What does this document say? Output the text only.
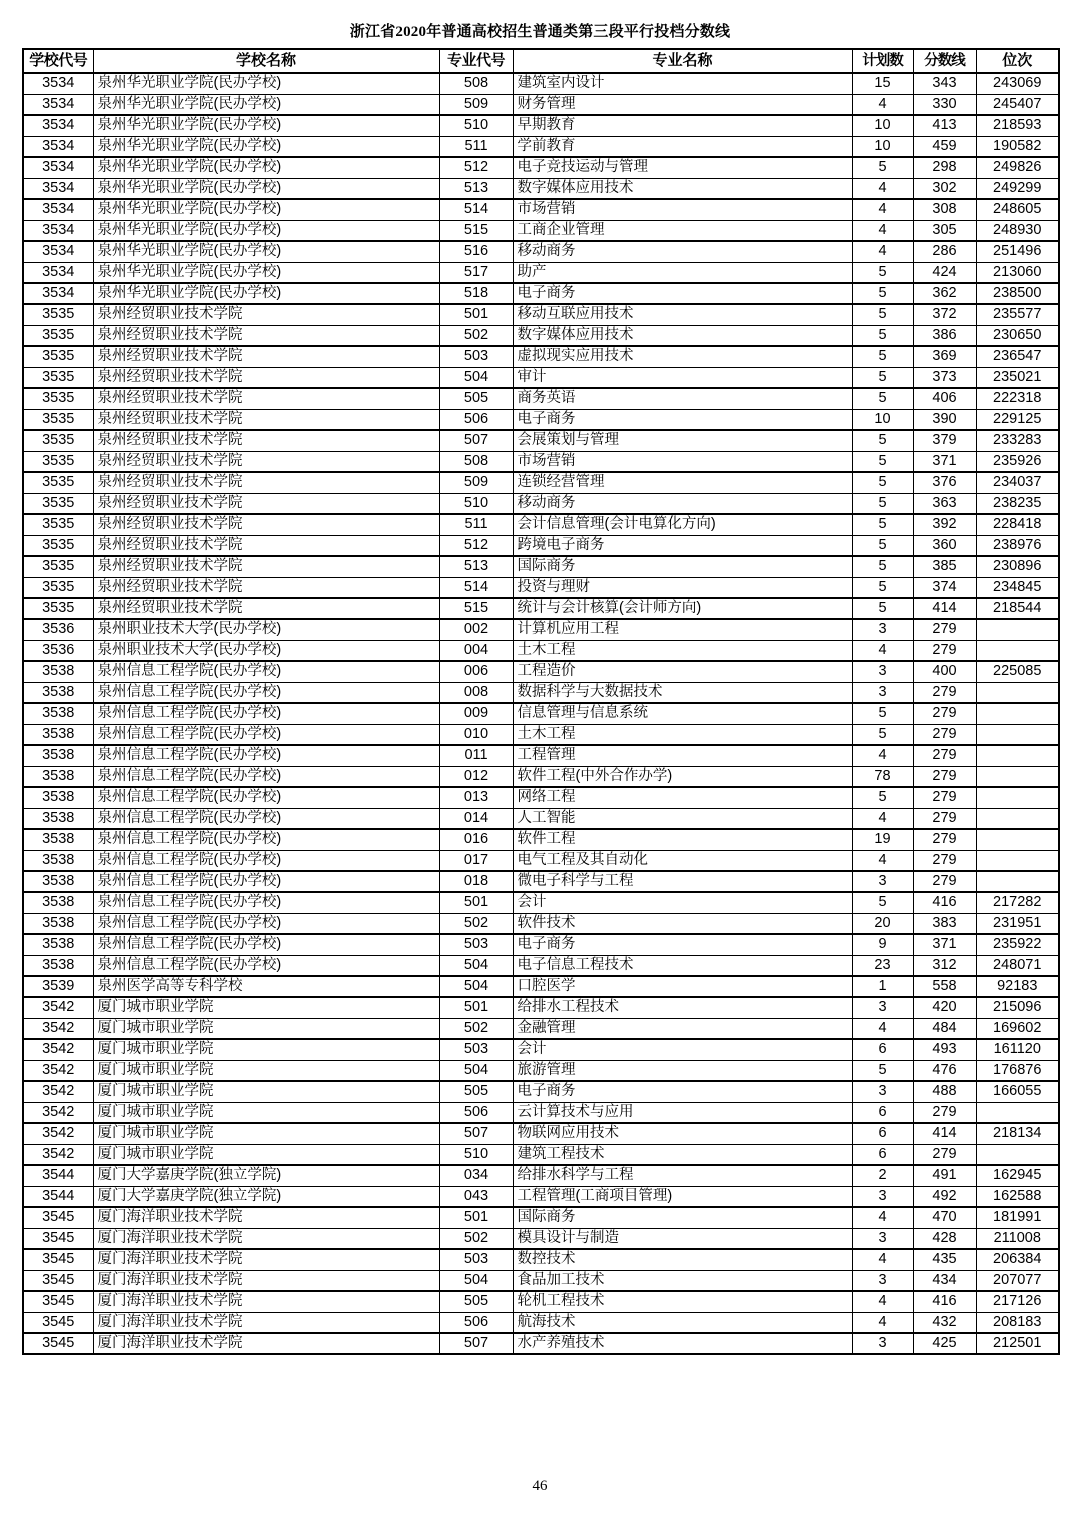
浙江省2020年普通高校招生普通类第三段平行投档分数线
学校代号	学校名称	专业代号	专业名称	计划数	分数线	位次
3534	泉州华光职业学院(民办学校)	508	建筑室内设计	15	343	243069
3534	泉州华光职业学院(民办学校)	509	财务管理	4	330	245407
3534	泉州华光职业学院(民办学校)	510	早期教育	10	413	218593
3534	泉州华光职业学院(民办学校)	511	学前教育	10	459	190582
3534	泉州华光职业学院(民办学校)	512	电子竞技运动与管理	5	298	249826
3534	泉州华光职业学院(民办学校)	513	数字媒体应用技术	4	302	249299
3534	泉州华光职业学院(民办学校)	514	市场营销	4	308	248605
3534	泉州华光职业学院(民办学校)	515	工商企业管理	4	305	248930
3534	泉州华光职业学院(民办学校)	516	移动商务	4	286	251496
3534	泉州华光职业学院(民办学校)	517	助产	5	424	213060
3534	泉州华光职业学院(民办学校)	518	电子商务	5	362	238500
3535	泉州经贸职业技术学院	501	移动互联应用技术	5	372	235577
3535	泉州经贸职业技术学院	502	数字媒体应用技术	5	386	230650
3535	泉州经贸职业技术学院	503	虚拟现实应用技术	5	369	236547
3535	泉州经贸职业技术学院	504	审计	5	373	235021
3535	泉州经贸职业技术学院	505	商务英语	5	406	222318
3535	泉州经贸职业技术学院	506	电子商务	10	390	229125
3535	泉州经贸职业技术学院	507	会展策划与管理	5	379	233283
3535	泉州经贸职业技术学院	508	市场营销	5	371	235926
3535	泉州经贸职业技术学院	509	连锁经营管理	5	376	234037
3535	泉州经贸职业技术学院	510	移动商务	5	363	238235
3535	泉州经贸职业技术学院	511	会计信息管理(会计电算化方向)	5	392	228418
3535	泉州经贸职业技术学院	512	跨境电子商务	5	360	238976
3535	泉州经贸职业技术学院	513	国际商务	5	385	230896
3535	泉州经贸职业技术学院	514	投资与理财	5	374	234845
3535	泉州经贸职业技术学院	515	统计与会计核算(会计师方向)	5	414	218544
3536	泉州职业技术大学(民办学校)	002	计算机应用工程	3	279	
3536	泉州职业技术大学(民办学校)	004	土木工程	4	279	
3538	泉州信息工程学院(民办学校)	006	工程造价	3	400	225085
3538	泉州信息工程学院(民办学校)	008	数据科学与大数据技术	3	279	
3538	泉州信息工程学院(民办学校)	009	信息管理与信息系统	5	279	
3538	泉州信息工程学院(民办学校)	010	土木工程	5	279	
3538	泉州信息工程学院(民办学校)	011	工程管理	4	279	
3538	泉州信息工程学院(民办学校)	012	软件工程(中外合作办学)	78	279	
3538	泉州信息工程学院(民办学校)	013	网络工程	5	279	
3538	泉州信息工程学院(民办学校)	014	人工智能	4	279	
3538	泉州信息工程学院(民办学校)	016	软件工程	19	279	
3538	泉州信息工程学院(民办学校)	017	电气工程及其自动化	4	279	
3538	泉州信息工程学院(民办学校)	018	微电子科学与工程	3	279	
3538	泉州信息工程学院(民办学校)	501	会计	5	416	217282
3538	泉州信息工程学院(民办学校)	502	软件技术	20	383	231951
3538	泉州信息工程学院(民办学校)	503	电子商务	9	371	235922
3538	泉州信息工程学院(民办学校)	504	电子信息工程技术	23	312	248071
3539	泉州医学高等专科学校	504	口腔医学	1	558	92183
3542	厦门城市职业学院	501	给排水工程技术	3	420	215096
3542	厦门城市职业学院	502	金融管理	4	484	169602
3542	厦门城市职业学院	503	会计	6	493	161120
3542	厦门城市职业学院	504	旅游管理	5	476	176876
3542	厦门城市职业学院	505	电子商务	3	488	166055
3542	厦门城市职业学院	506	云计算技术与应用	6	279	
3542	厦门城市职业学院	507	物联网应用技术	6	414	218134
3542	厦门城市职业学院	510	建筑工程技术	6	279	
3544	厦门大学嘉庚学院(独立学院)	034	给排水科学与工程	2	491	162945
3544	厦门大学嘉庚学院(独立学院)	043	工程管理(工商项目管理)	3	492	162588
3545	厦门海洋职业技术学院	501	国际商务	4	470	181991
3545	厦门海洋职业技术学院	502	模具设计与制造	3	428	211008
3545	厦门海洋职业技术学院	503	数控技术	4	435	206384
3545	厦门海洋职业技术学院	504	食品加工技术	3	434	207077
3545	厦门海洋职业技术学院	505	轮机工程技术	4	416	217126
3545	厦门海洋职业技术学院	506	航海技术	4	432	208183
3545	厦门海洋职业技术学院	507	水产养殖技术	3	425	212501
46
